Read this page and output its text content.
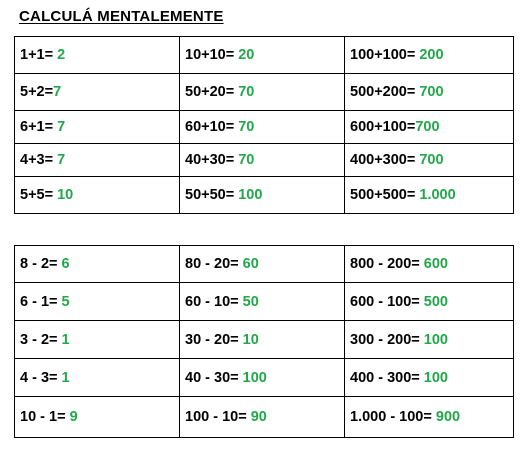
CALCULÁ MENTALEMENTE
1+1= 2	10+10= 20	100+100= 200
5+2=7	50+20= 70	500+200= 700
6+1= 7	60+10= 70	600+100=700
4+3= 7	40+30= 70	400+300= 700
5+5= 10	50+50= 100	500+500= 1.000
8 - 2= 6	80 - 20= 60	800 - 200= 600
6 - 1= 5	60 - 10= 50	600 - 100= 500
3 - 2= 1	30 - 20= 10	300 - 200= 100
4 - 3= 1	40 - 30= 100	400 - 300= 100
10 - 1= 9	100 - 10= 90	1.000 - 100= 900
